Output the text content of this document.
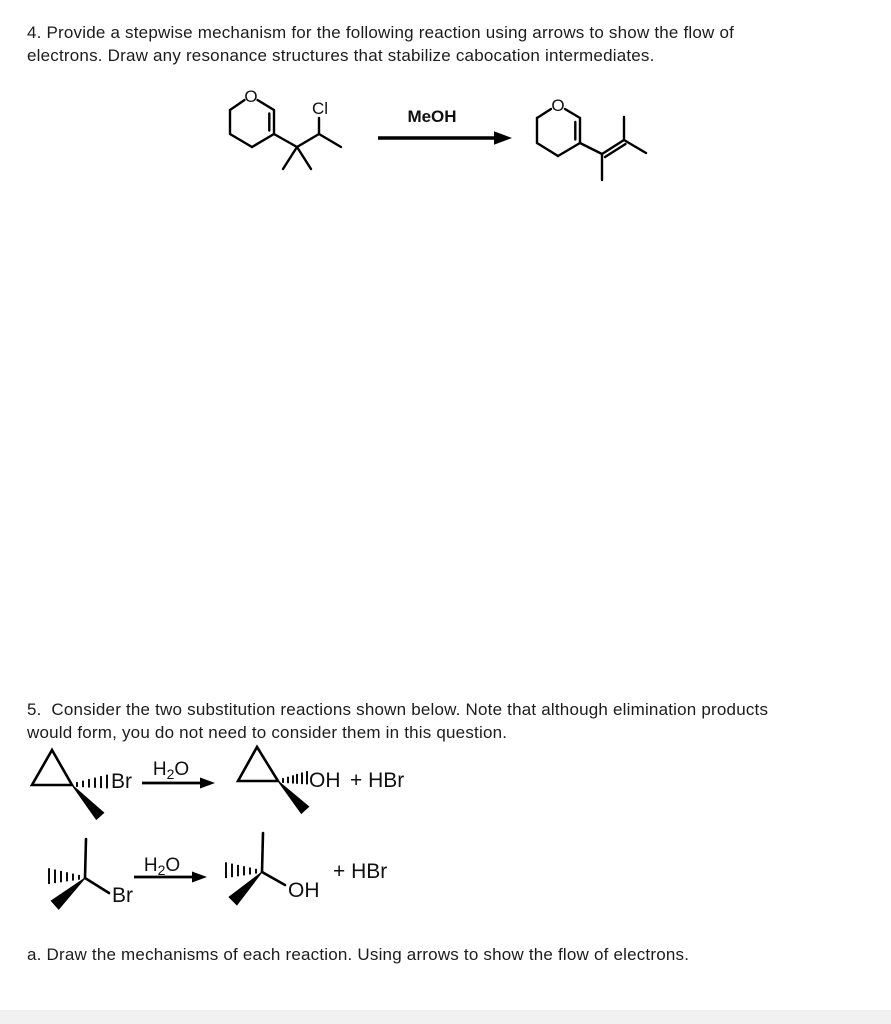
4. Provide a stepwise mechanism for the following reaction using arrows to show the flow of
electrons. Draw any resonance structures that stabilize cabocation intermediates.
O
Cl	MeOH
O
5.  Consider the two substitution reactions shown below. Note that although elimination products
would form, you do not need to consider them in this question.
Br
$H_2O$	OH + HBr
Br
$H_2O$
OH
+ HBr
a. Draw the mechanisms of each reaction. Using arrows to show the flow of electrons.
